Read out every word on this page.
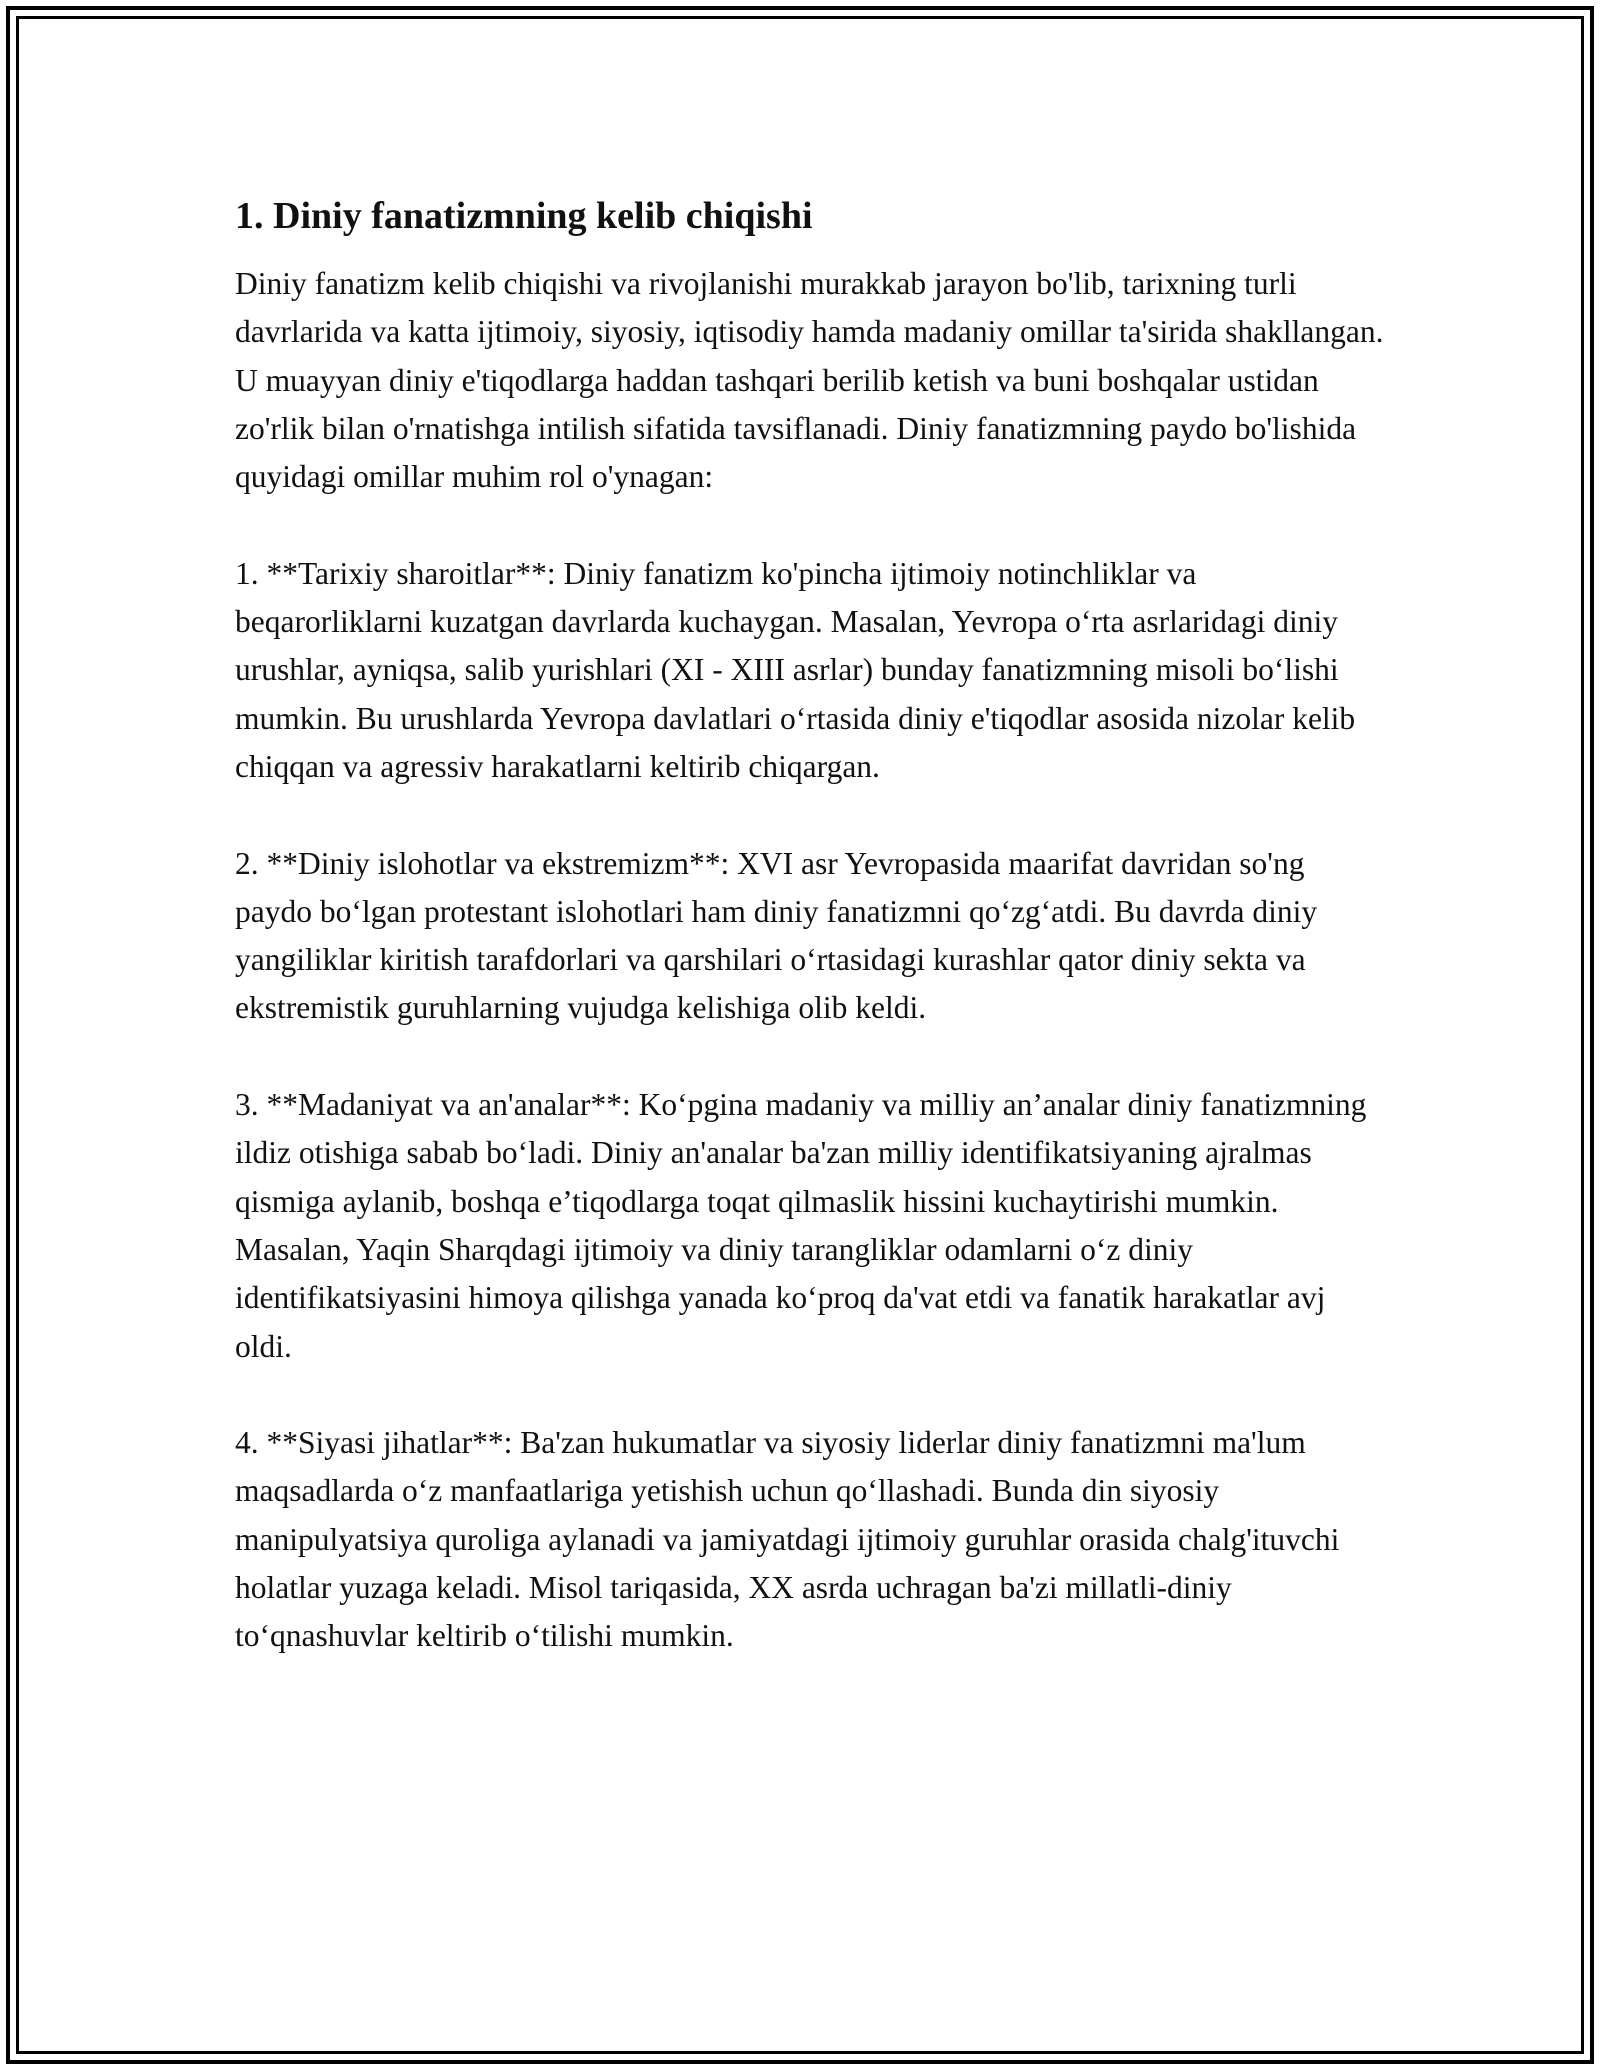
1. Diniy fanatizmning kelib chiqishi

Diniy fanatizm kelib chiqishi va rivojlanishi murakkab jarayon bo'lib, tarixning turli davrlarida va katta ijtimoiy, siyosiy, iqtisodiy hamda madaniy omillar ta'sirida shakllangan. U muayyan diniy e'tiqodlarga haddan tashqari berilib ketish va buni boshqalar ustidan zo'rlik bilan o'rnatishga intilish sifatida tavsiflanadi. Diniy fanatizmning paydo bo'lishida quyidagi omillar muhim rol o'ynagan:

1. **Tarixiy sharoitlar**: Diniy fanatizm ko'pincha ijtimoiy notinchliklar va beqarorliklarni kuzatgan davrlarda kuchaygan. Masalan, Yevropa o‘rta asrlaridagi diniy urushlar, ayniqsa, salib yurishlari (XI - XIII asrlar) bunday fanatizmning misoli bo‘lishi mumkin. Bu urushlarda Yevropa davlatlari o‘rtasida diniy e'tiqodlar asosida nizolar kelib chiqqan va agressiv harakatlarni keltirib chiqargan.

2. **Diniy islohotlar va ekstremizm**: XVI asr Yevropasida maarifat davridan so'ng paydo bo‘lgan protestant islohotlari ham diniy fanatizmni qo‘zg‘atdi. Bu davrda diniy yangiliklar kiritish tarafdorlari va qarshilari o‘rtasidagi kurashlar qator diniy sekta va ekstremistik guruhlarning vujudga kelishiga olib keldi.

3. **Madaniyat va an'analar**: Ko‘pgina madaniy va milliy an’analar diniy fanatizmning ildiz otishiga sabab bo‘ladi. Diniy an'analar ba'zan milliy identifikatsiyaning ajralmas qismiga aylanib, boshqa e’tiqodlarga toqat qilmaslik hissini kuchaytirishi mumkin. Masalan, Yaqin Sharqdagi ijtimoiy va diniy tarangliklar odamlarni o‘z diniy identifikatsiyasini himoya qilishga yanada ko‘proq da'vat etdi va fanatik harakatlar avj oldi.

4. **Siyasi jihatlar**: Ba'zan hukumatlar va siyosiy liderlar diniy fanatizmni ma'lum maqsadlarda o‘z manfaatlariga yetishish uchun qo‘llashadi. Bunda din siyosiy manipulyatsiya quroliga aylanadi va jamiyatdagi ijtimoiy guruhlar orasida chalg'ituvchi holatlar yuzaga keladi. Misol tariqasida, XX asrda uchragan ba'zi millatli-diniy to‘qnashuvlar keltirib o‘tilishi mumkin.
